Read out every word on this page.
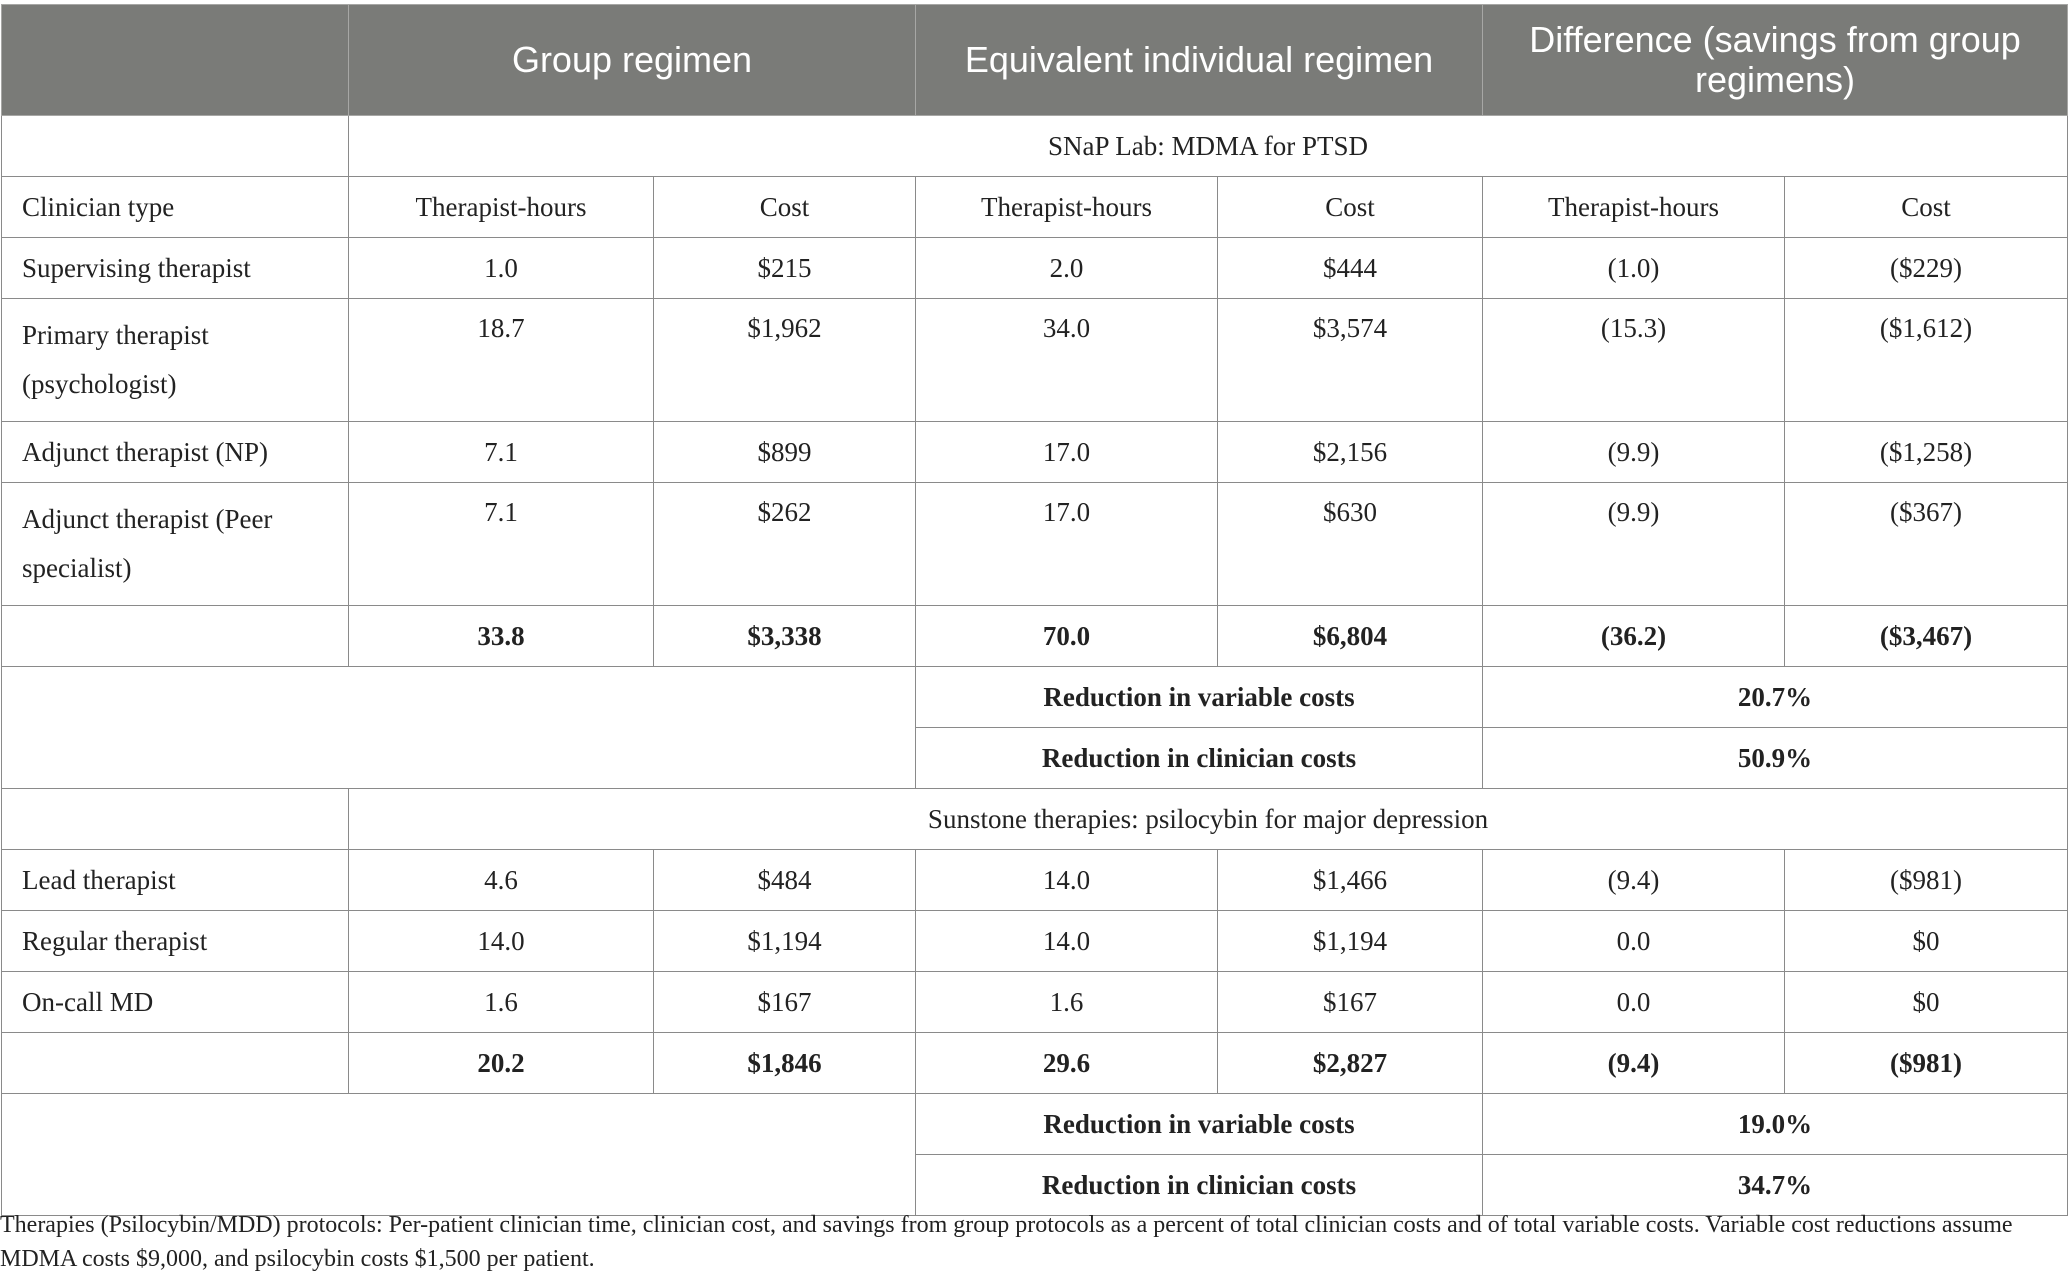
	Group regimen		Equivalent individual regimen		Difference (savings from group regimens)	
	SNaP Lab: MDMA for PTSD					
Clinician type	Therapist-hours	Cost	Therapist-hours	Cost	Therapist-hours	Cost
Supervising therapist	1.0	$215	2.0	$444	(1.0)	($229)
Primary therapist (psychologist)	18.7	$1,962	34.0	$3,574	(15.3)	($1,612)
Adjunct therapist (NP)	7.1	$899	17.0	$2,156	(9.9)	($1,258)
Adjunct therapist (Peer specialist)	7.1	$262	17.0	$630	(9.9)	($367)
	33.8	$3,338	70.0	$6,804	(36.2)	($3,467)
			Reduction in variable costs		20.7%	
			Reduction in clinician costs		50.9%	
	Sunstone therapies: psilocybin for major depression					
Lead therapist	4.6	$484	14.0	$1,466	(9.4)	($981)
Regular therapist	14.0	$1,194	14.0	$1,194	0.0	$0
On-call MD	1.6	$167	1.6	$167	0.0	$0
	20.2	$1,846	29.6	$2,827	(9.4)	($981)
			Reduction in variable costs		19.0%	
			Reduction in clinician costs		34.7%	
Therapies (Psilocybin/MDD) protocols: Per-patient clinician time, clinician cost, and savings from group protocols as a percent of total clinician costs and of total variable costs. Variable cost reductions assume MDMA costs $9,000, and psilocybin costs $1,500 per patient.
